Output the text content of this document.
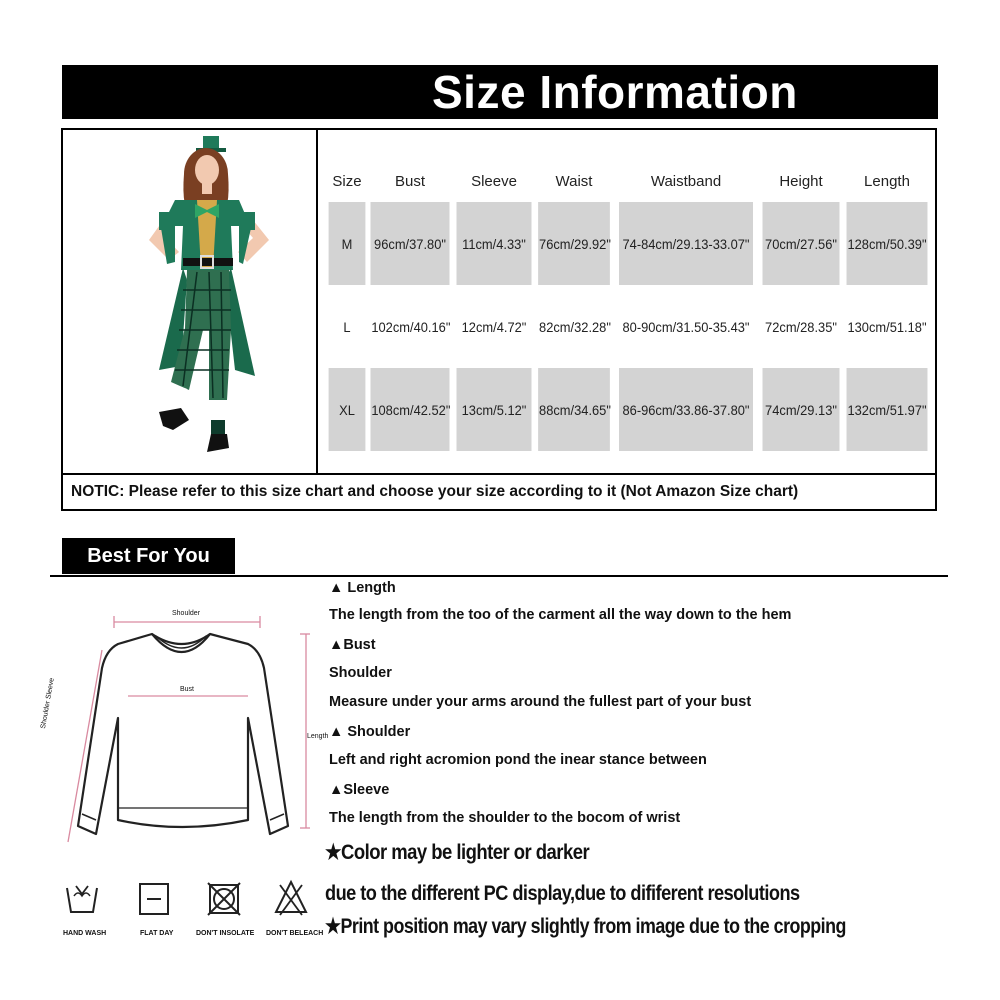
Size Information
Size	Bust	Sleeve	Waist	Waistband	Height	Length
M	96cm/37.80"	11cm/4.33"	76cm/29.92"	74-84cm/29.13-33.07"	70cm/27.56"	128cm/50.39"
L	102cm/40.16"	12cm/4.72"	82cm/32.28"	80-90cm/31.50-35.43"	72cm/28.35"	130cm/51.18"
XL	108cm/42.52"	13cm/5.12"	88cm/34.65"	86-96cm/33.86-37.80"	74cm/29.13"	132cm/51.97"
NOTIC: Please refer to this size chart and choose your size according to it (Not Amazon Size chart)
Best For You
Shoulder
Bust
Shoulder Sleeve
Length
▲ Length
The length from the too of the carment all the way down to the hem
▲Bust
Shoulder
Measure under your arms around the fullest part of your bust
▲ Shoulder
Left and right acromion pond the inear stance between
▲Sleeve
The length from the shoulder to the bocom of wrist
★Color may be lighter or darker
due to the different PC display,due to dififerent resolutions
★Print position may vary slightly from image due to the cropping
HAND WASH	FLAT DAY	DON'T INSOLATE DON'T BELEACH
